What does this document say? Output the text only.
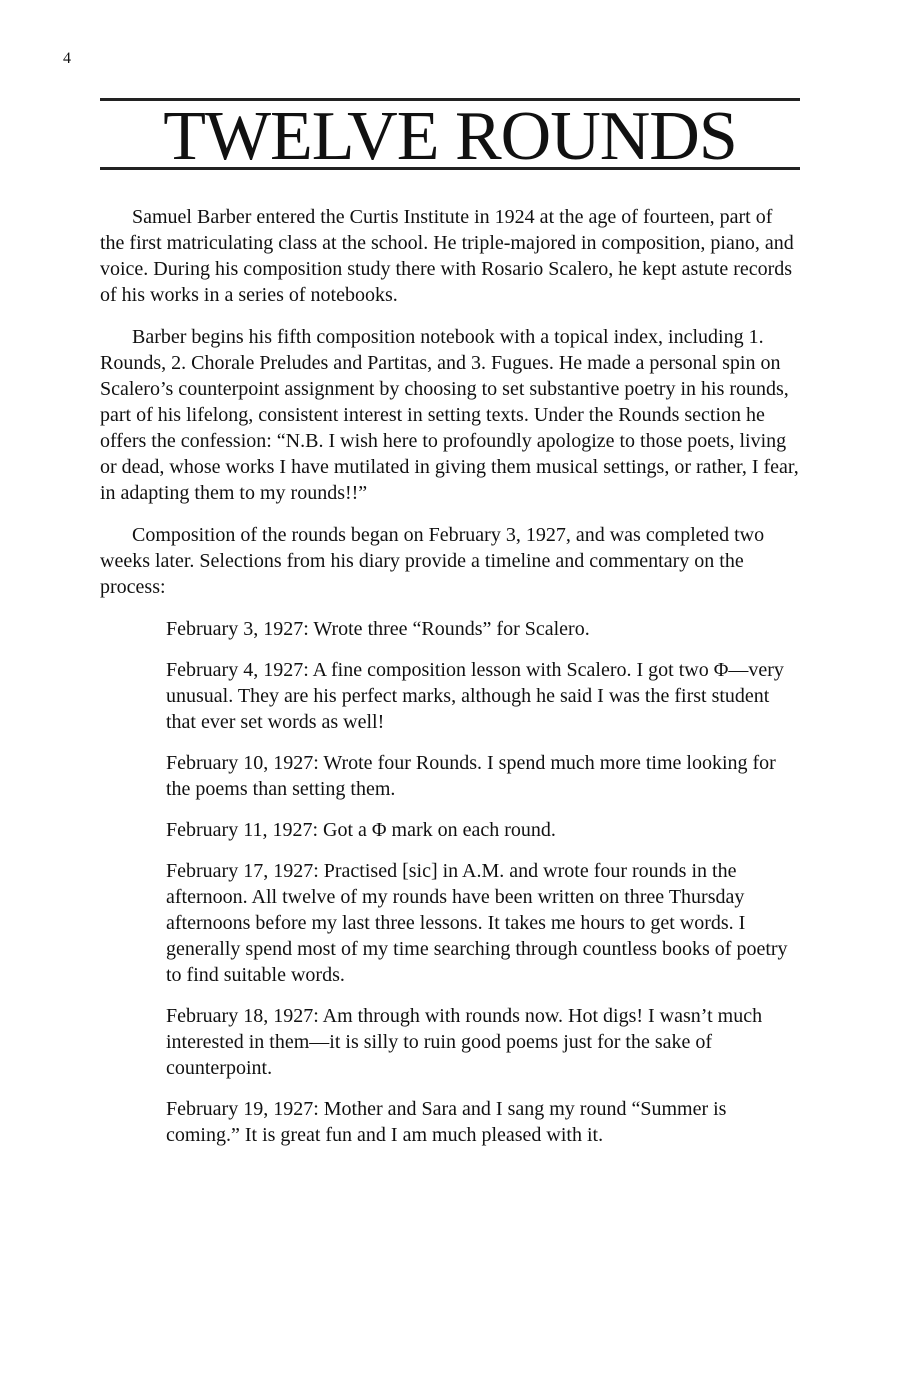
4
TWELVE ROUNDS

Samuel Barber entered the Curtis Institute in 1924 at the age of fourteen, part of the first matriculating class at the school. He triple-majored in composition, piano, and voice. During his composition study there with Rosario Scalero, he kept astute records of his works in a series of notebooks.

Barber begins his fifth composition notebook with a topical index, including 1. Rounds, 2. Chorale Preludes and Partitas, and 3. Fugues. He made a personal spin on Scalero’s counterpoint assignment by choosing to set substantive poetry in his rounds, part of his lifelong, consistent interest in setting texts. Under the Rounds section he offers the confession: “N.B. I wish here to profoundly apologize to those poets, living or dead, whose works I have mutilated in giving them musical settings, or rather, I fear, in adapting them to my rounds!!”

Composition of the rounds began on February 3, 1927, and was completed two weeks later. Selections from his diary provide a timeline and commentary on the process:

February 3, 1927: Wrote three “Rounds” for Scalero.

February 4, 1927: A fine composition lesson with Scalero. I got two Φ—very unusual. They are his perfect marks, although he said I was the first student that ever set words as well!

February 10, 1927: Wrote four Rounds. I spend much more time looking for the poems than setting them.

February 11, 1927: Got a Φ mark on each round.

February 17, 1927: Practised [sic] in A.M. and wrote four rounds in the afternoon. All twelve of my rounds have been written on three Thursday afternoons before my last three lessons. It takes me hours to get words. I generally spend most of my time searching through countless books of poetry to find suitable words.

February 18, 1927: Am through with rounds now. Hot digs! I wasn’t much interested in them—it is silly to ruin good poems just for the sake of counterpoint.

February 19, 1927: Mother and Sara and I sang my round “Summer is coming.” It is great fun and I am much pleased with it.
